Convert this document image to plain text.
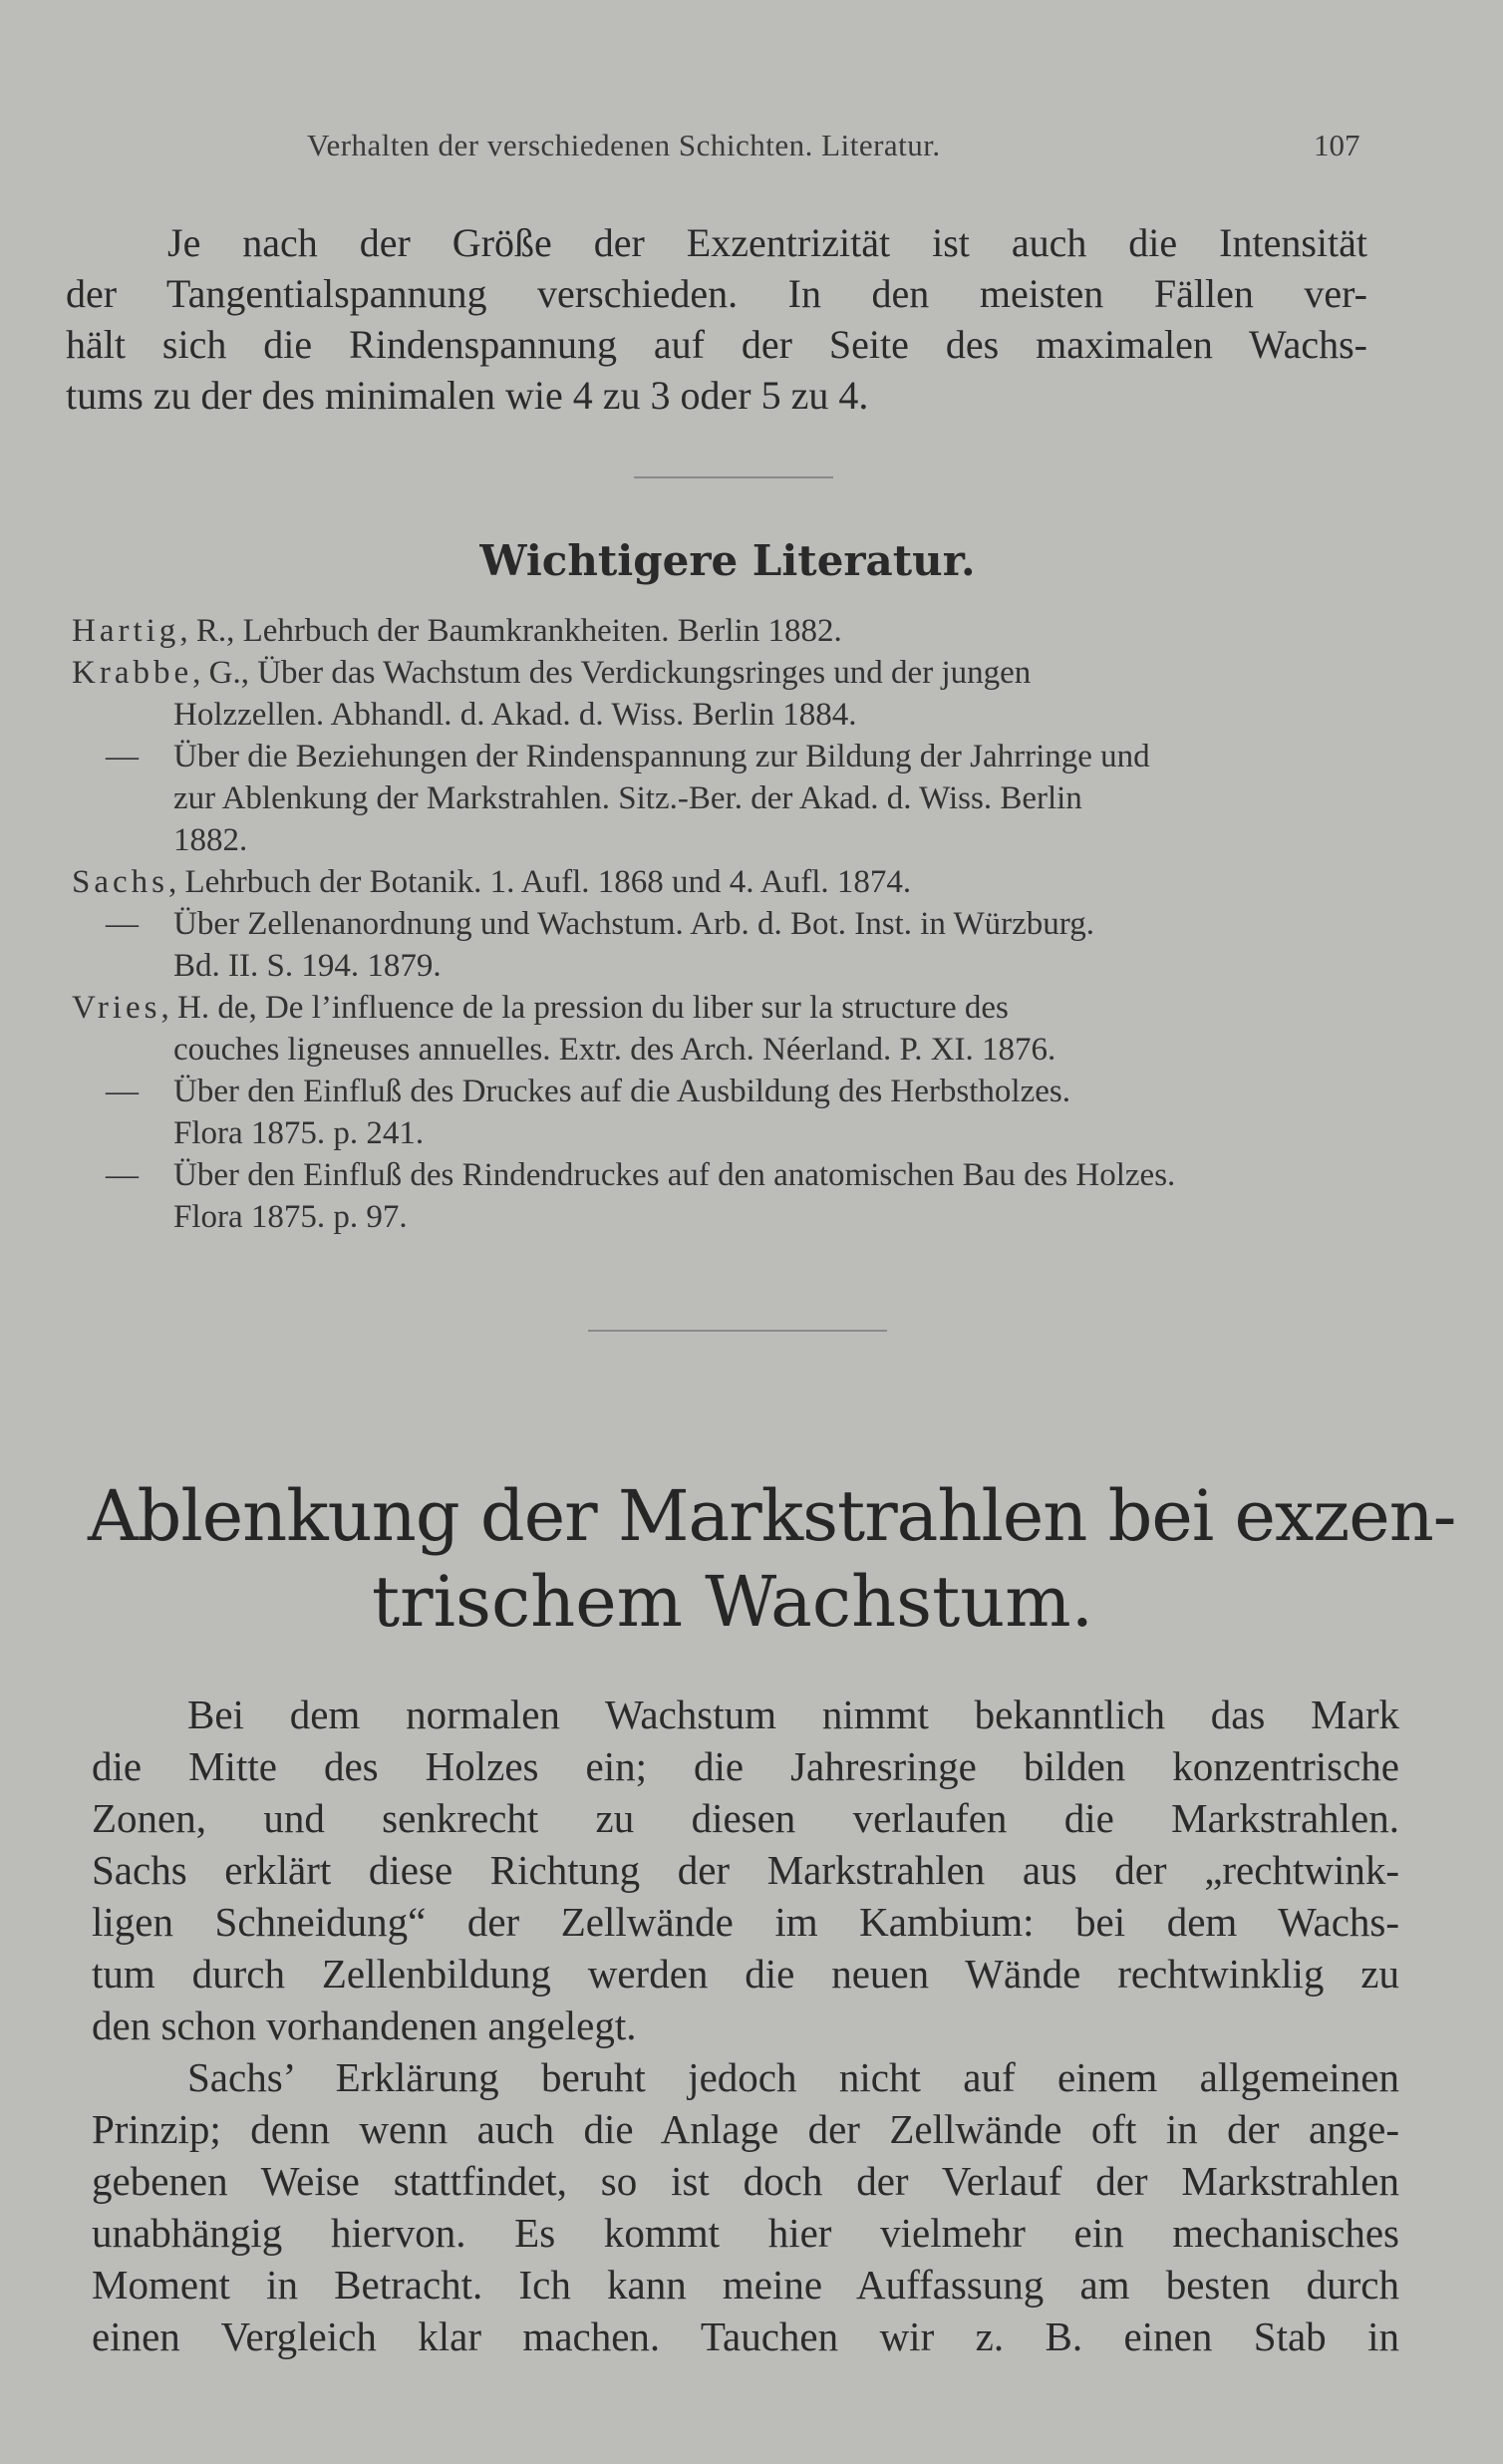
Verhalten der verschiedenen Schichten. Literatur.	107
Je nach der Größe der Exzentrizität ist auch die Intensität
der Tangentialspannung verschieden. In den meisten Fällen ver-
hält sich die Rindenspannung auf der Seite des maximalen Wachs-
tums zu der des minimalen wie 4 zu 3 oder 5 zu 4.
Wichtigere Literatur.
Hartig, R., Lehrbuch der Baumkrankheiten. Berlin 1882.
Krabbe, G., Über das Wachstum des Verdickungsringes und der jungen
Holzzellen. Abhandl. d. Akad. d. Wiss. Berlin 1884.
— Über die Beziehungen der Rindenspannung zur Bildung der Jahrringe und
zur Ablenkung der Markstrahlen. Sitz.-Ber. der Akad. d. Wiss. Berlin
1882.
Sachs, Lehrbuch der Botanik. 1. Aufl. 1868 und 4. Aufl. 1874.
— Über Zellenanordnung und Wachstum. Arb. d. Bot. Inst. in Würzburg.
Bd. II. S. 194. 1879.
Vries, H. de, De l’influence de la pression du liber sur la structure des
couches ligneuses annuelles. Extr. des Arch. Néerland. P. XI. 1876.
— Über den Einfluß des Druckes auf die Ausbildung des Herbstholzes.
Flora 1875. p. 241.
— Über den Einfluß des Rindendruckes auf den anatomischen Bau des Holzes.
Flora 1875. p. 97.
Ablenkung der Markstrahlen bei exzen-
trischem Wachstum.
Bei dem normalen Wachstum nimmt bekanntlich das Mark
die Mitte des Holzes ein; die Jahresringe bilden konzentrische
Zonen, und senkrecht zu diesen verlaufen die Markstrahlen.
Sachs erklärt diese Richtung der Markstrahlen aus der „rechtwink-
ligen Schneidung“ der Zellwände im Kambium: bei dem Wachs-
tum durch Zellenbildung werden die neuen Wände rechtwinklig zu
den schon vorhandenen angelegt.
Sachs’ Erklärung beruht jedoch nicht auf einem allgemeinen
Prinzip; denn wenn auch die Anlage der Zellwände oft in der ange-
gebenen Weise stattfindet, so ist doch der Verlauf der Markstrahlen
unabhängig hiervon. Es kommt hier vielmehr ein mechanisches
Moment in Betracht. Ich kann meine Auffassung am besten durch
einen Vergleich klar machen. Tauchen wir z. B. einen Stab in
